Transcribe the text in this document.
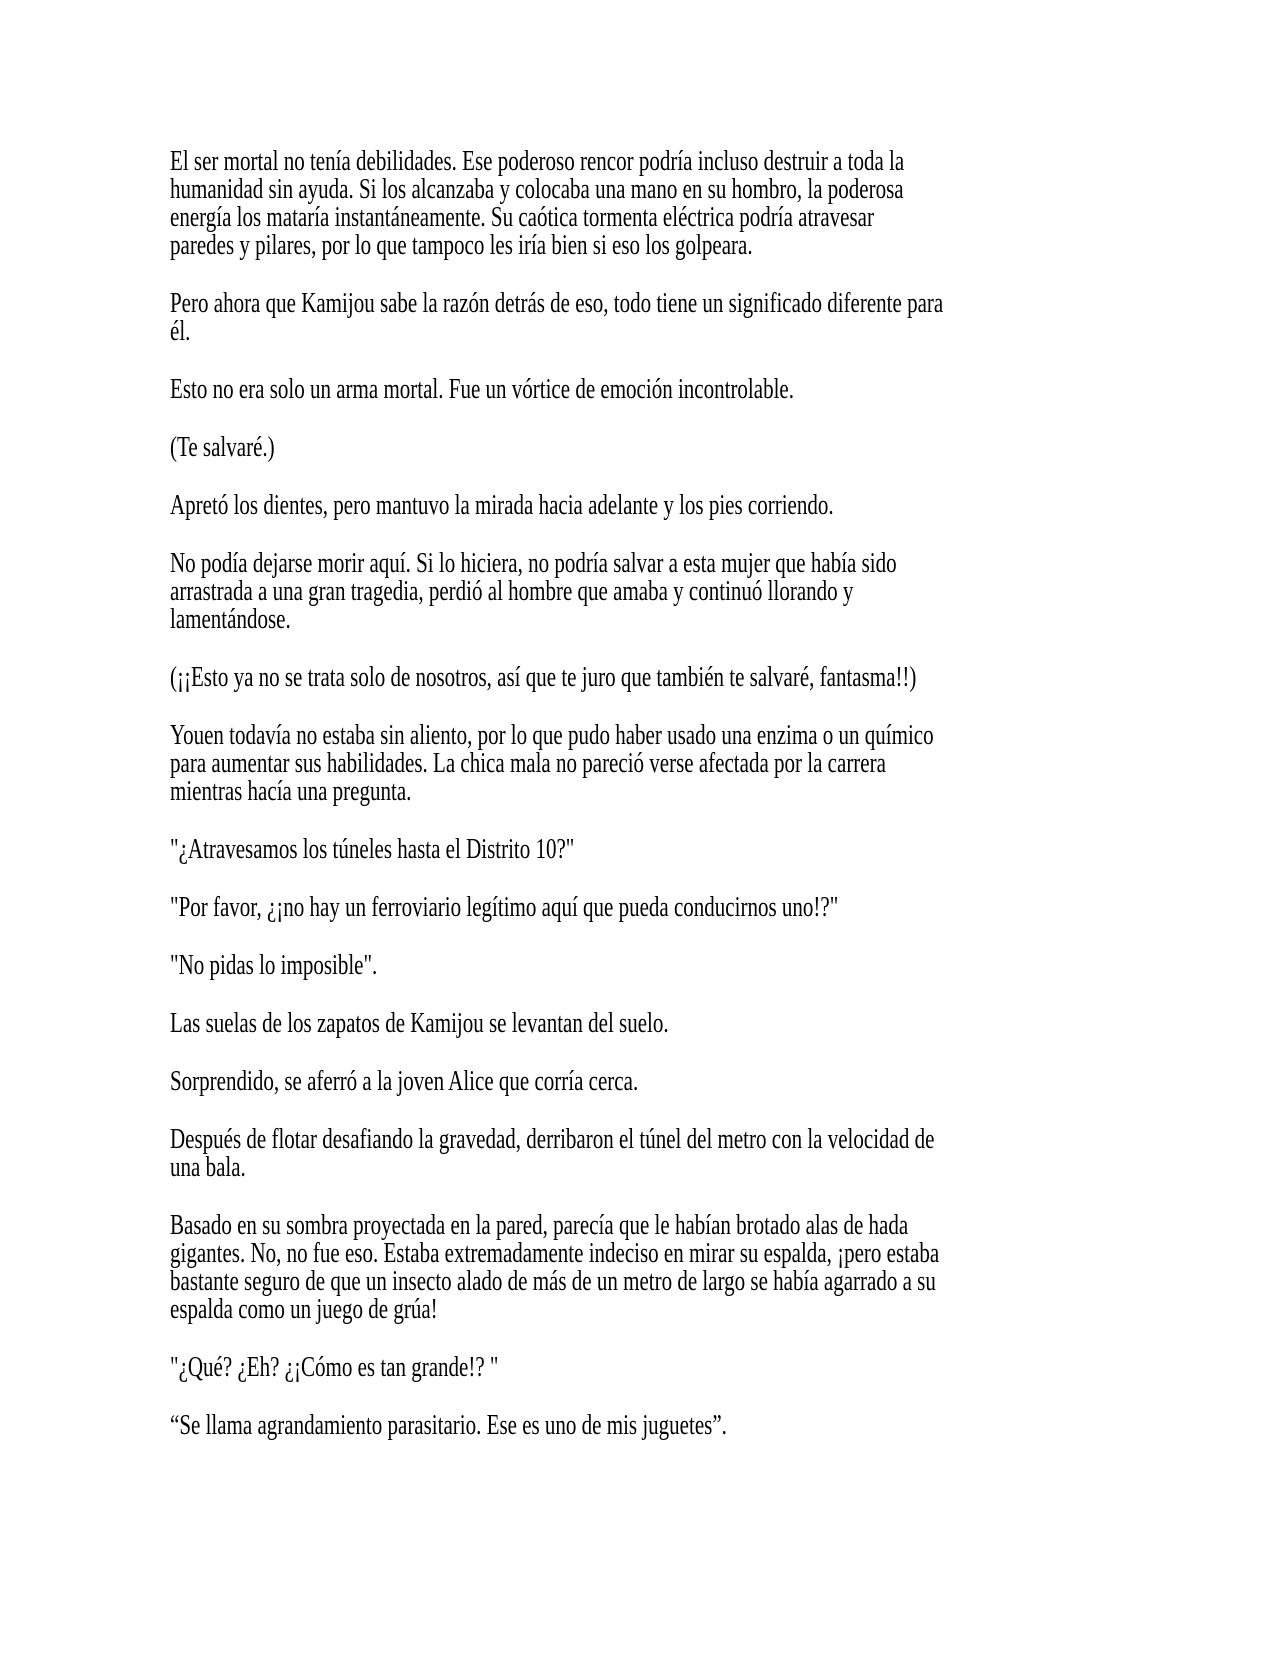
El ser mortal no tenía debilidades. Ese poderoso rencor podría incluso destruir a toda la
humanidad sin ayuda. Si los alcanzaba y colocaba una mano en su hombro, la poderosa
energía los mataría instantáneamente. Su caótica tormenta eléctrica podría atravesar
paredes y pilares, por lo que tampoco les iría bien si eso los golpeara.

Pero ahora que Kamijou sabe la razón detrás de eso, todo tiene un significado diferente para
él.

Esto no era solo un arma mortal. Fue un vórtice de emoción incontrolable.

(Te salvaré.)

Apretó los dientes, pero mantuvo la mirada hacia adelante y los pies corriendo.

No podía dejarse morir aquí. Si lo hiciera, no podría salvar a esta mujer que había sido
arrastrada a una gran tragedia, perdió al hombre que amaba y continuó llorando y
lamentándose.

(¡¡Esto ya no se trata solo de nosotros, así que te juro que también te salvaré, fantasma!!)

Youen todavía no estaba sin aliento, por lo que pudo haber usado una enzima o un químico
para aumentar sus habilidades. La chica mala no pareció verse afectada por la carrera
mientras hacía una pregunta.

"¿Atravesamos los túneles hasta el Distrito 10?"

"Por favor, ¿¡no hay un ferroviario legítimo aquí que pueda conducirnos uno!?"

"No pidas lo imposible".

Las suelas de los zapatos de Kamijou se levantan del suelo.

Sorprendido, se aferró a la joven Alice que corría cerca.

Después de flotar desafiando la gravedad, derribaron el túnel del metro con la velocidad de
una bala.

Basado en su sombra proyectada en la pared, parecía que le habían brotado alas de hada
gigantes. No, no fue eso. Estaba extremadamente indeciso en mirar su espalda, ¡pero estaba
bastante seguro de que un insecto alado de más de un metro de largo se había agarrado a su
espalda como un juego de grúa!

"¿Qué? ¿Eh? ¿¡Cómo es tan grande!? "

“Se llama agrandamiento parasitario. Ese es uno de mis juguetes”.
